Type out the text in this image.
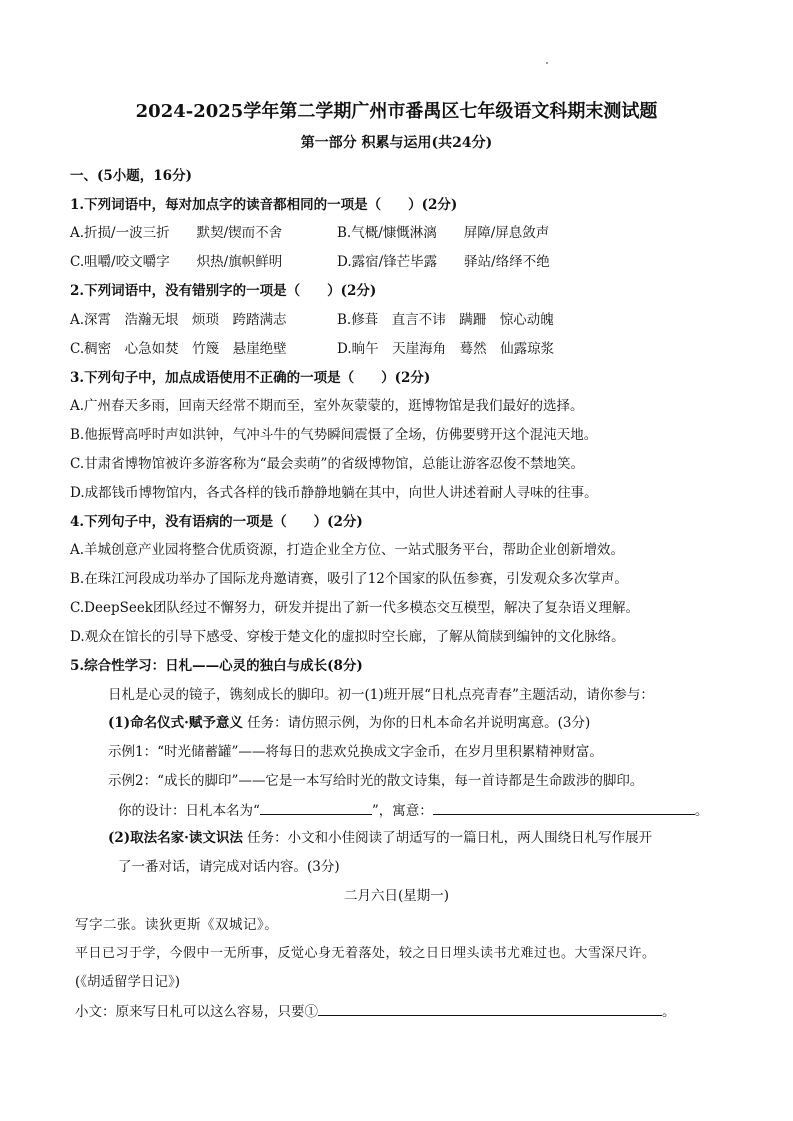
2024-2025学年第二学期广州市番禺区七年级语文科期末测试题
第一部分 积累与运用(共24分)
一、(5小题，16分)
1.下列词语中，每对加点字的读音都相同的一项是（　　）(2分)
A.折损/一波三折　　默契/锲而不舍	B.气概/慷慨淋漓　　屏障/屏息敛声
C.咀嚼/咬文嚼字　　炽热/旗帜鲜明	D.露宿/锋芒毕露　　驿站/络绎不绝
2.下列词语中，没有错别字的一项是（　　）(2分)
A.深霄　浩瀚无垠　烦琐　跨踏满志	B.修葺　直言不讳　蹒跚　惊心动魄
C.稠密　心急如焚　竹篾　悬崖绝壁	D.晌午　天崖海角　蓦然　仙露琼浆
3.下列句子中，加点成语使用不正确的一项是（　　）(2分)
A.广州春天多雨，回南天经常不期而至，室外灰蒙蒙的，逛博物馆是我们最好的选择。
B.他振臂高呼时声如洪钟，气冲斗牛的气势瞬间震慑了全场，仿佛要劈开这个混沌天地。
C.甘肃省博物馆被许多游客称为“最会卖萌”的省级博物馆，总能让游客忍俊不禁地笑。
D.成都钱币博物馆内，各式各样的钱币静静地躺在其中，向世人讲述着耐人寻味的往事。
4.下列句子中，没有语病的一项是（　　）(2分)
A.羊城创意产业园将整合优质资源，打造企业全方位、一站式服务平台，帮助企业创新增效。
B.在珠江河段成功举办了国际龙舟邀请赛，吸引了12个国家的队伍参赛，引发观众多次掌声。
C.DeepSeek团队经过不懈努力，研发并提出了新一代多模态交互模型，解决了复杂语义理解。
D.观众在馆长的引导下感受、穿梭于楚文化的虚拟时空长廊，了解从简牍到编钟的文化脉络。
5.综合性学习：日札——心灵的独白与成长(8分)
日札是心灵的镜子，镌刻成长的脚印。初一(1)班开展“日札点亮青春”主题活动，请你参与：
(1)命名仪式·赋予意义 任务：请仿照示例，为你的日札本命名并说明寓意。(3分)
示例1：“时光储蓄罐”——将每日的悲欢兑换成文字金币，在岁月里积累精神财富。
示例2：“成长的脚印”——它是一本写给时光的散文诗集，每一首诗都是生命跋涉的脚印。
你的设计：日札本名为“	”，寓意：	。
(2)取法名家·读文识法 任务：小文和小佳阅读了胡适写的一篇日札，两人围绕日札写作展开
了一番对话，请完成对话内容。(3分)
二月六日(星期一)
写字二张。读狄更斯《双城记》。
平日已习于学，今假中一无所事，反觉心身无着落处，较之日日埋头读书尤难过也。大雪深尺许。
(《胡适留学日记》)
小文：原来写日札可以这么容易，只要①	。
